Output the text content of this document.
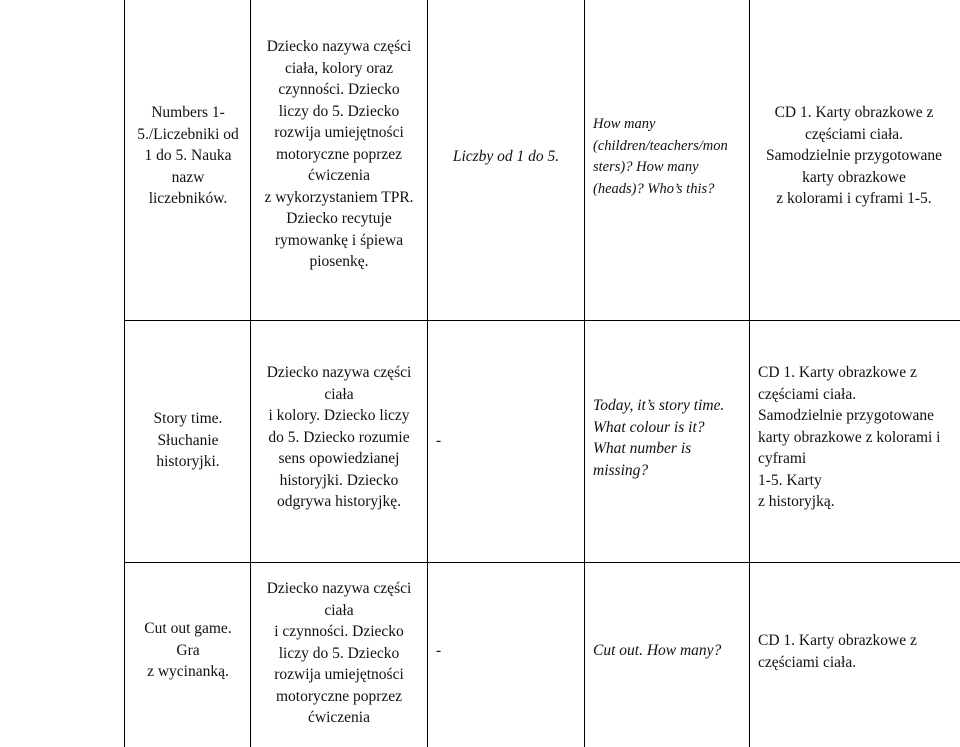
Numbers 1-
5./Liczebniki od
1 do 5. Nauka
nazw
liczebników.
Dziecko nazywa części
ciała, kolory oraz
czynności. Dziecko
liczy do 5. Dziecko
rozwija umiejętności
motoryczne poprzez
ćwiczenia
z wykorzystaniem TPR.
Dziecko recytuje
rymowankę i śpiewa
piosenkę.
Liczby od 1 do 5.
How many
(children/teachers/mon
sters)? How many
(heads)? Who’s this?
CD 1. Karty obrazkowe z
częściami ciała.
Samodzielnie przygotowane
karty obrazkowe
z kolorami i cyframi 1-5.
Story time.
Słuchanie
historyjki.
Dziecko nazywa części
ciała
i kolory. Dziecko liczy
do 5. Dziecko rozumie
sens opowiedzianej
historyjki. Dziecko
odgrywa historyjkę.
-
Today, it’s story time.
What colour is it?
What number is
missing?
CD 1. Karty obrazkowe z
częściami ciała.
Samodzielnie przygotowane
karty obrazkowe z kolorami i
cyframi
1-5. Karty
z historyjką.
Cut out game.
Gra
z wycinanką.
Dziecko nazywa części
ciała
i czynności. Dziecko
liczy do 5. Dziecko
rozwija umiejętności
motoryczne poprzez
ćwiczenia
-	Cut out. How many?
CD 1. Karty obrazkowe z
częściami ciała.
